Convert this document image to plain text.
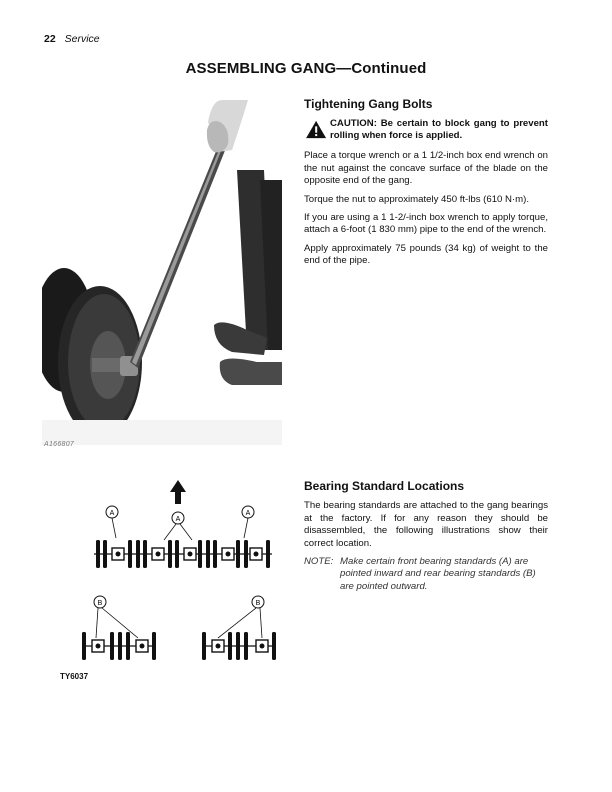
22 Service
ASSEMBLING GANG—Continued
A166807
Tightening Gang Bolts
CAUTION: Be certain to block gang to prevent rolling when force is applied.

Place a torque wrench or a 1 1/2-inch box end wrench on the nut against the concave surface of the blade on the opposite end of the gang.

Torque the nut to approximately 450 ft-lbs (610 N·m).

If you are using a 1 1-2/-inch box wrench to apply torque, attach a 6-foot (1 830 mm) pipe to the end of the wrench.

Apply approximately 75 pounds (34 kg) of weight to the end of the pipe.

Bearing Standard Locations

The bearing standards are attached to the gang bearings at the factory. If for any reason they should be disassembled, the following illustrations show their correct location.

NOTE: Make certain front bearing standards (A) are pointed inward and rear bearing standards (B) are pointed outward.
A
A
A
B	B
TY6037
